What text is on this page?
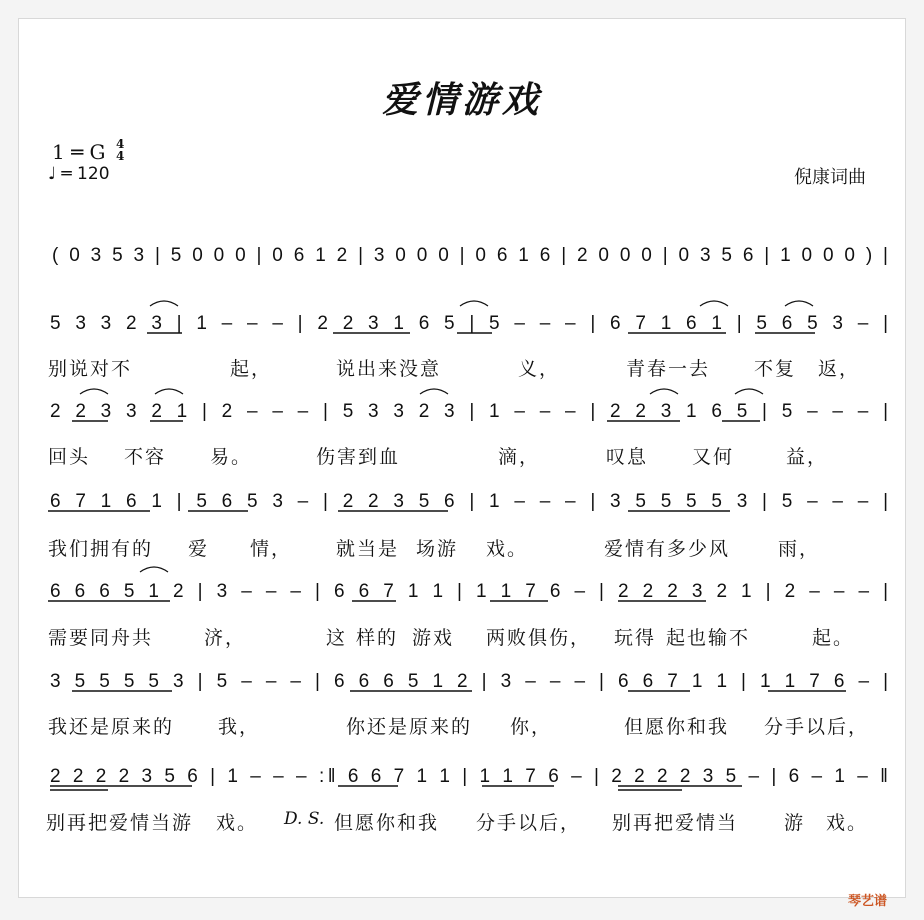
爱情游戏
1 ═ G 4
4
♩ ═ 120	倪康词曲
( 0 3 5 3 | 5 0 0 0 | 0 6 1 2 | 3 0 0 0 | 0 6 1 6 | 2 0 0 0 | 0 3 5 6 | 1 0 0 0 ) |
5 3 3 2 3 | 1 – – – | 2 2 3 1 6 5 | 5 – – – | 6 7 1 6 1 | 5 6 5 3 – |
2 2 3 3 2 1 | 2 – – – | 5 3 3 2 3 | 1 – – – | 2 2 3 1 6 5 | 5 – – – |
6 7 1 6 1 | 5 6 5 3 – | 2 2 3 5 6 | 1 – – – | 3 5 5 5 5 3 | 5 – – – |
6 6 6 5 1 2 | 3 – – – | 6 6 7 1 1 | 1 1 7 6 – | 2 2 2 3 2 1 | 2 – – – |
3 5 5 5 5 3 | 5 – – – | 6 6 6 5 1 2 | 3 – – – | 6 6 7 1 1 | 1 1 7 6 – |
2 2 2 2 3 5 6 | 1 – – – :‖ 6 6 7 1 1 | 1 1 7 6 – | 2 2 2 2 3 5 – | 6 – 1 – ‖
别说对不	起，	说出来没意	义，	青春一去 不复 返，
回头 不容 易。	伤害到血	滴，	叹息 又何	益，
我们拥有的 爱 情， 就当是 场游 戏。	爱情有多少风	雨，
需要同舟共	济，	这 样的 游戏 两败俱伤， 玩得 起也输不	起。
我还是原来的 我，	你还是原来的 你，	但愿你和我 分手以后，
别再把爱情当游 戏。 D. S. 但愿你和我 分手以后， 别再把爱情当 游 戏。
琴艺谱
